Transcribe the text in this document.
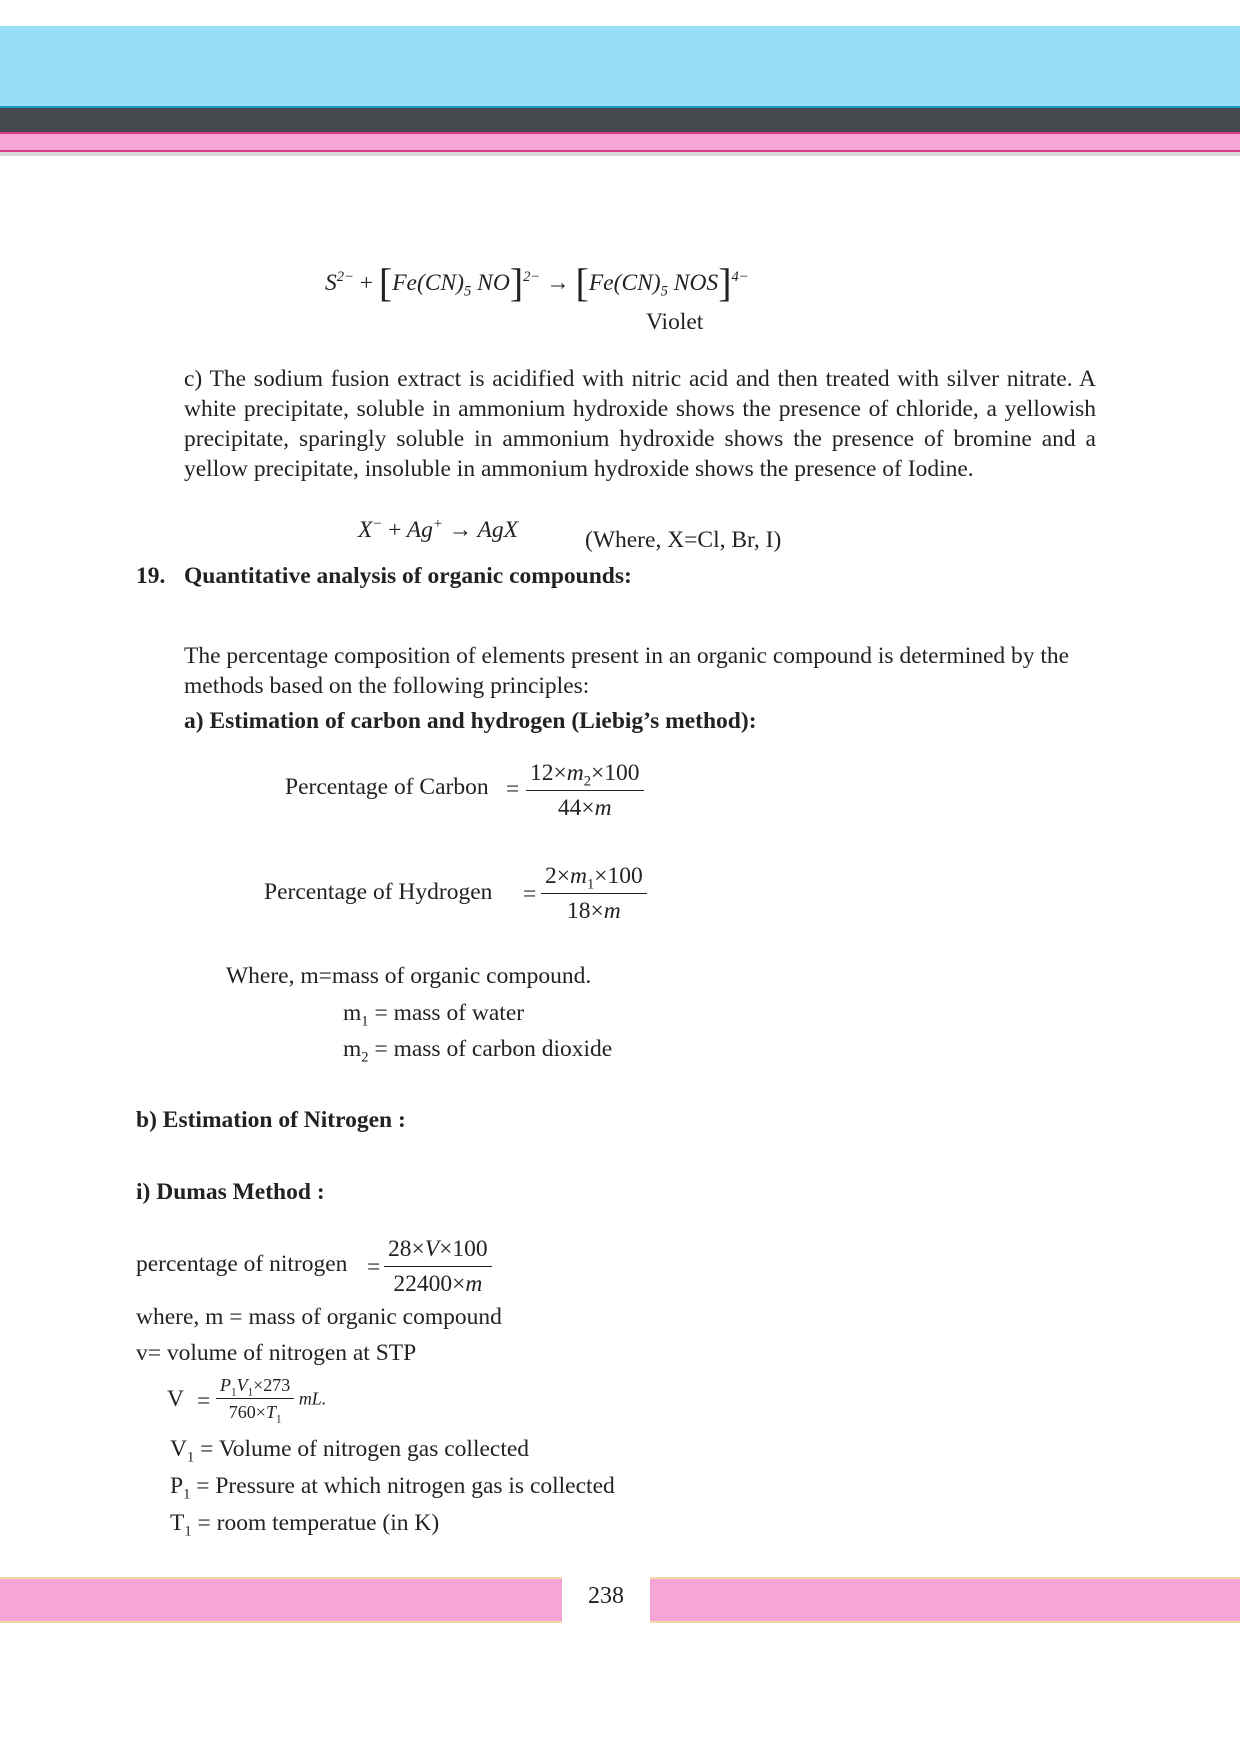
$S^{2-} + [Fe(CN)_5$ $NO]^{2-} \to [Fe(CN)_5$ NOS]$^{4-}$
Violet
c) The sodium fusion extract is acidified with nitric acid and then treated with silver nitrate. A white precipitate, soluble in ammonium hydroxide shows the presence of chloride, a yellowish precipitate, sparingly soluble in ammonium hydroxide shows the presence of bromine and a yellow precipitate, insoluble in ammonium hydroxide shows the presence of Iodine.
X− + Ag+ → AgX	(Where, X=Cl, Br, I)
19. Quantitative analysis of organic compounds:
The percentage composition of elements present in an organic compound is determined by the methods based on the following principles:
a) Estimation of carbon and hydrogen (Liebig’s method):
Percentage of Carbon = $\frac{12\times m_2\times 100}{44\times m}$
Percentage of Hydrogen = $\frac{2\times m_1\times 100}{18\times m}$
Where, m=mass of organic compound.
$m_1$ = mass of water
$m_2$ = mass of carbon dioxide
b) Estimation of Nitrogen :
i) Dumas Method :
percentage of nitrogen = $\frac{28\times V\times 100}{22400\times m}$
where, m = mass of organic compound
v= volume of nitrogen at STP
$V = \frac{P_1V_1\times 273}{760\times T_1}$ mL.
$V_1$ = Volume of nitrogen gas collected
$P_1$ = Pressure at which nitrogen gas is collected
$T_1$ = room temperatue (in K)
238
